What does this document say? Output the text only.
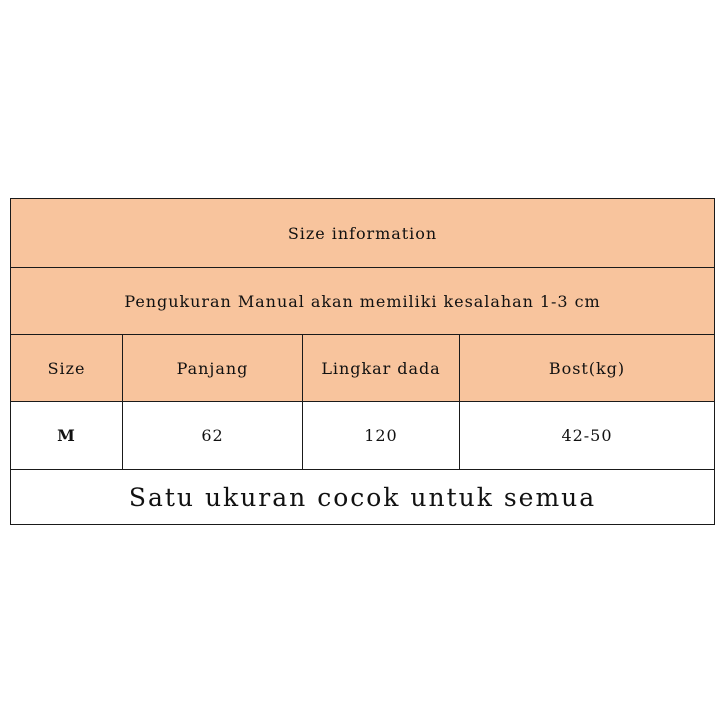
Size information			
Pengukuran Manual akan memiliki kesalahan 1-3 cm			
Size	Panjang	Lingkar dada	Bost(kg)
M	62	120	42-50
Satu ukuran cocok untuk semua			
